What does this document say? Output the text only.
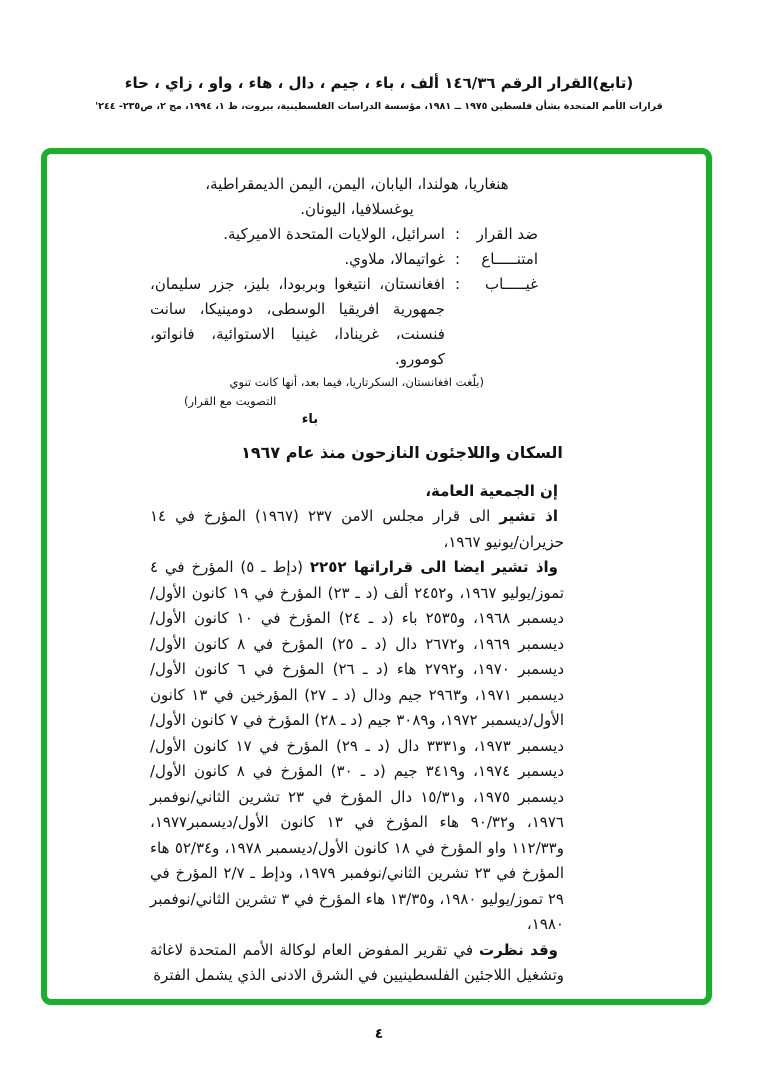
(تابع)القرار الرقم ١٤٦/٣٦ ألف ، باء ، جيم ، دال ، هاء ، واو ، زاي ، حاء
قرارات الأمم المتحدة بشأن فلسطين ١٩٧٥ ــ ١٩٨١، مؤسسة الدراسات الفلسطينية، بيروت، ط ١، ١٩٩٤، مج ٢، ص٢٣٥- ٢٤٤'
هنغاريا، هولندا، اليابان، اليمن، اليمن الديمقراطية،
يوغسلافيا، اليونان.
ضد القرار
:
اسرائيل، الولايات المتحدة الاميركية.
امتنـــــاع
:
غواتيمالا، ملاوي.
غيـــــاب
:
افغانستان، انتيغوا وبربودا، بليز، جزر سليمان، جمهورية افريقيا الوسطى، دومينيكا، سانت فنسنت، غرينادا، غينيا الاستوائية، فانواتو، كومورو.
(بلّغت افغانستان، السكرتاريا، فيما بعد، أنها كانت تنوي
التصويت مع القرار)
باء
السكان واللاجئون النازحون منذ عام ١٩٦٧

إن الجمعية العامة،

اذ تشير الى قرار مجلس الامن ٢٣٧ (١٩٦٧) المؤرخ في ١٤ حزيران/يونيو ١٩٦٧،

واذ تشير ايضا الى قراراتها ٢٢٥٢ (دإط ـ ٥) المؤرخ في ٤ تموز/يوليو ١٩٦٧، و٢٤٥٢ ألف (د ـ ٢٣) المؤرخ في ١٩ كانون الأول/ديسمبر ١٩٦٨، و٢٥٣٥ باء (د ـ ٢٤) المؤرخ في ١٠ كانون الأول/ديسمبر ١٩٦٩، و٢٦٧٢ دال (د ـ ٢٥) المؤرخ في ٨ كانون الأول/ديسمبر ١٩٧٠، و٢٧٩٢ هاء (د ـ ٢٦) المؤرخ في ٦ كانون الأول/ديسمبر ١٩٧١، و٢٩٦٣ جيم ودال (د ـ ٢٧) المؤرخين في ١٣ كانون الأول/ديسمبر ١٩٧٢، و٣٠٨٩ جيم (د ـ ٢٨) المؤرخ في ٧ كانون الأول/ديسمبر ١٩٧٣، و٣٣٣١ دال (د ـ ٢٩) المؤرخ في ١٧ كانون الأول/ديسمبر ١٩٧٤، و٣٤١٩ جيم (د ـ ٣٠) المؤرخ في ٨ كانون الأول/ديسمبر ١٩٧٥، و١٥/٣١ دال المؤرخ في ٢٣ تشرين الثاني/نوفمبر ١٩٧٦، و٩٠/٣٢ هاء المؤرخ في ١٣ كانون الأول/ديسمبر١٩٧٧، و١١٢/٣٣ واو المؤرخ في ١٨ كانون الأول/ديسمبر ١٩٧٨، و٥٢/٣٤ هاء المؤرخ في ٢٣ تشرين الثاني/نوفمبر ١٩٧٩، ودإط ـ ٢/٧ المؤرخ في ٢٩ تموز/يوليو ١٩٨٠، و١٣/٣٥ هاء المؤرخ في ٣ تشرين الثاني/نوفمبر ١٩٨٠،

وقد نظرت في تقرير المفوض العام لوكالة الأمم المتحدة لاغاثة وتشغيل اللاجئين الفلسطينيين في الشرق الادنى الذي يشمل الفترة

٤
